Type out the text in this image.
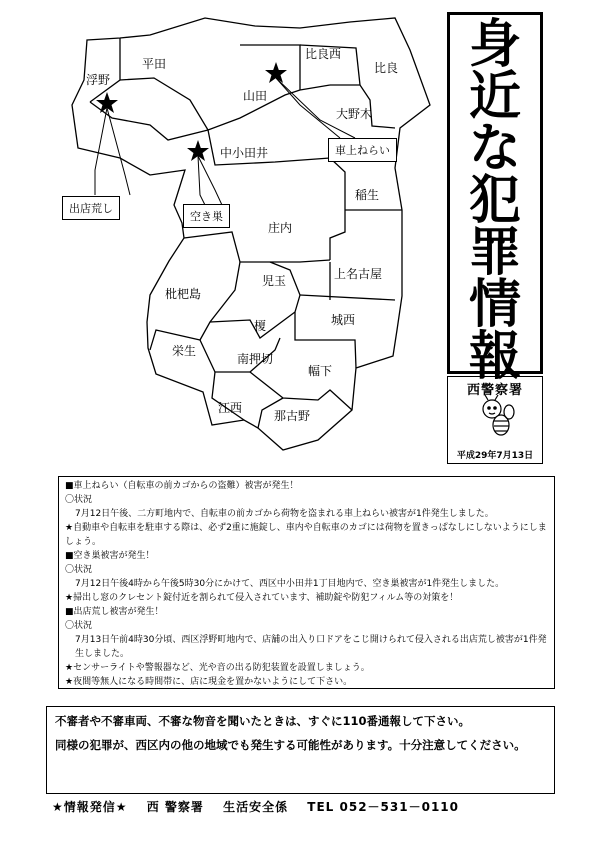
平田
浮野
比良西
比良
山田
大野木
中小田井
稲生
庄内
枇杷島
児玉	上名古屋
榎	城西
栄生
南押切
幅下
江西
那古野
車上ねらい
出店荒し
空き巣
身
近
な
犯
罪
情
報
西警察署
平成29年7月13日

■車上ねらい（自転車の前カゴからの盗難）被害が発生！

〇状況

7月12日午後、二方町地内で、自転車の前カゴから荷物を盗まれる車上ねらい被害が1件発生しました。

★自動車や自転車を駐車する際は、必ず2重に施錠し、車内や自転車のカゴには荷物を置きっぱなしにしないようにしましょう。

■空き巣被害が発生！

〇状況

7月12日午後4時から午後5時30分にかけて、西区中小田井1丁目地内で、空き巣被害が1件発生しました。

★掃出し窓のクレセント錠付近を割られて侵入されています、補助錠や防犯フィルム等の対策を！

■出店荒し被害が発生！

〇状況

7月13日午前4時30分頃、西区浮野町地内で、店舗の出入り口ドアをこじ開けられて侵入される出店荒し被害が1件発生しました。

★センサーライトや警報器など、光や音の出る防犯装置を設置しましょう。

★夜間等無人になる時間帯に、店に現金を置かないようにして下さい。

不審者や不審車両、不審な物音を聞いたときは、すぐに110番通報して下さい。

同様の犯罪が、西区内の他の地域でも発生する可能性があります。十分注意してください。

★情報発信★ 西 警察署 生活安全係 TEL 052－531－0110
